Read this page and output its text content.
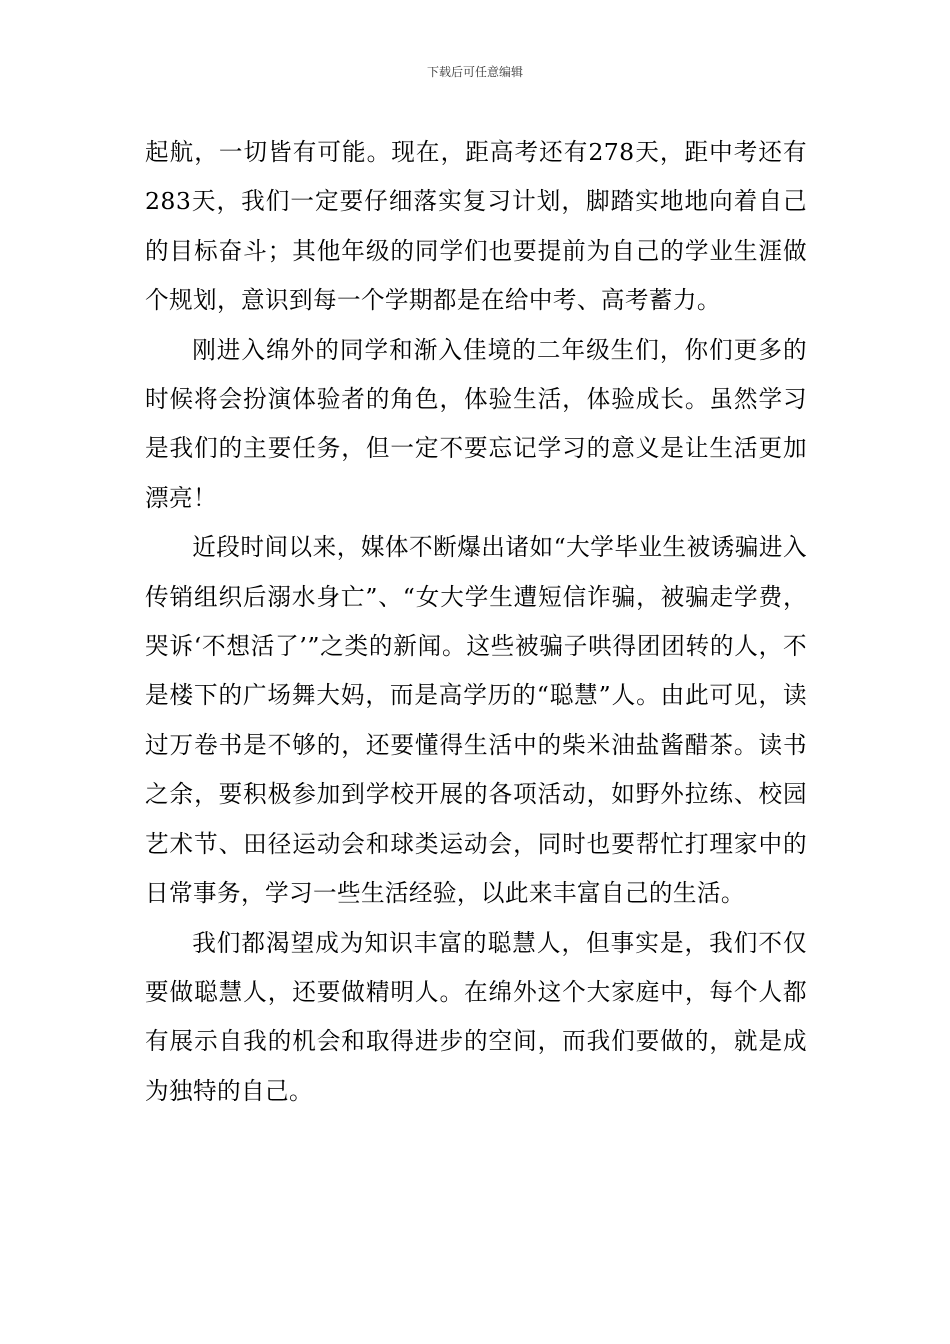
下载后可任意编辑

起航，一切皆有可能。现在，距高考还有278天，距中考还有283天，我们一定要仔细落实复习计划，脚踏实地地向着自己的目标奋斗；其他年级的同学们也要提前为自己的学业生涯做个规划，意识到每一个学期都是在给中考、高考蓄力。

刚进入绵外的同学和渐入佳境的二年级生们，你们更多的时候将会扮演体验者的角色，体验生活，体验成长。虽然学习是我们的主要任务，但一定不要忘记学习的意义是让生活更加漂亮！

近段时间以来，媒体不断爆出诸如“大学毕业生被诱骗进入传销组织后溺水身亡”、“女大学生遭短信诈骗，被骗走学费，哭诉‘不想活了’”之类的新闻。这些被骗子哄得团团转的人，不是楼下的广场舞大妈，而是高学历的“聪慧”人。由此可见，读过万卷书是不够的，还要懂得生活中的柴米油盐酱醋茶。读书之余，要积极参加到学校开展的各项活动，如野外拉练、校园艺术节、田径运动会和球类运动会，同时也要帮忙打理家中的日常事务，学习一些生活经验，以此来丰富自己的生活。

我们都渴望成为知识丰富的聪慧人，但事实是，我们不仅要做聪慧人，还要做精明人。在绵外这个大家庭中，每个人都有展示自我的机会和取得进步的空间，而我们要做的，就是成为独特的自己。
